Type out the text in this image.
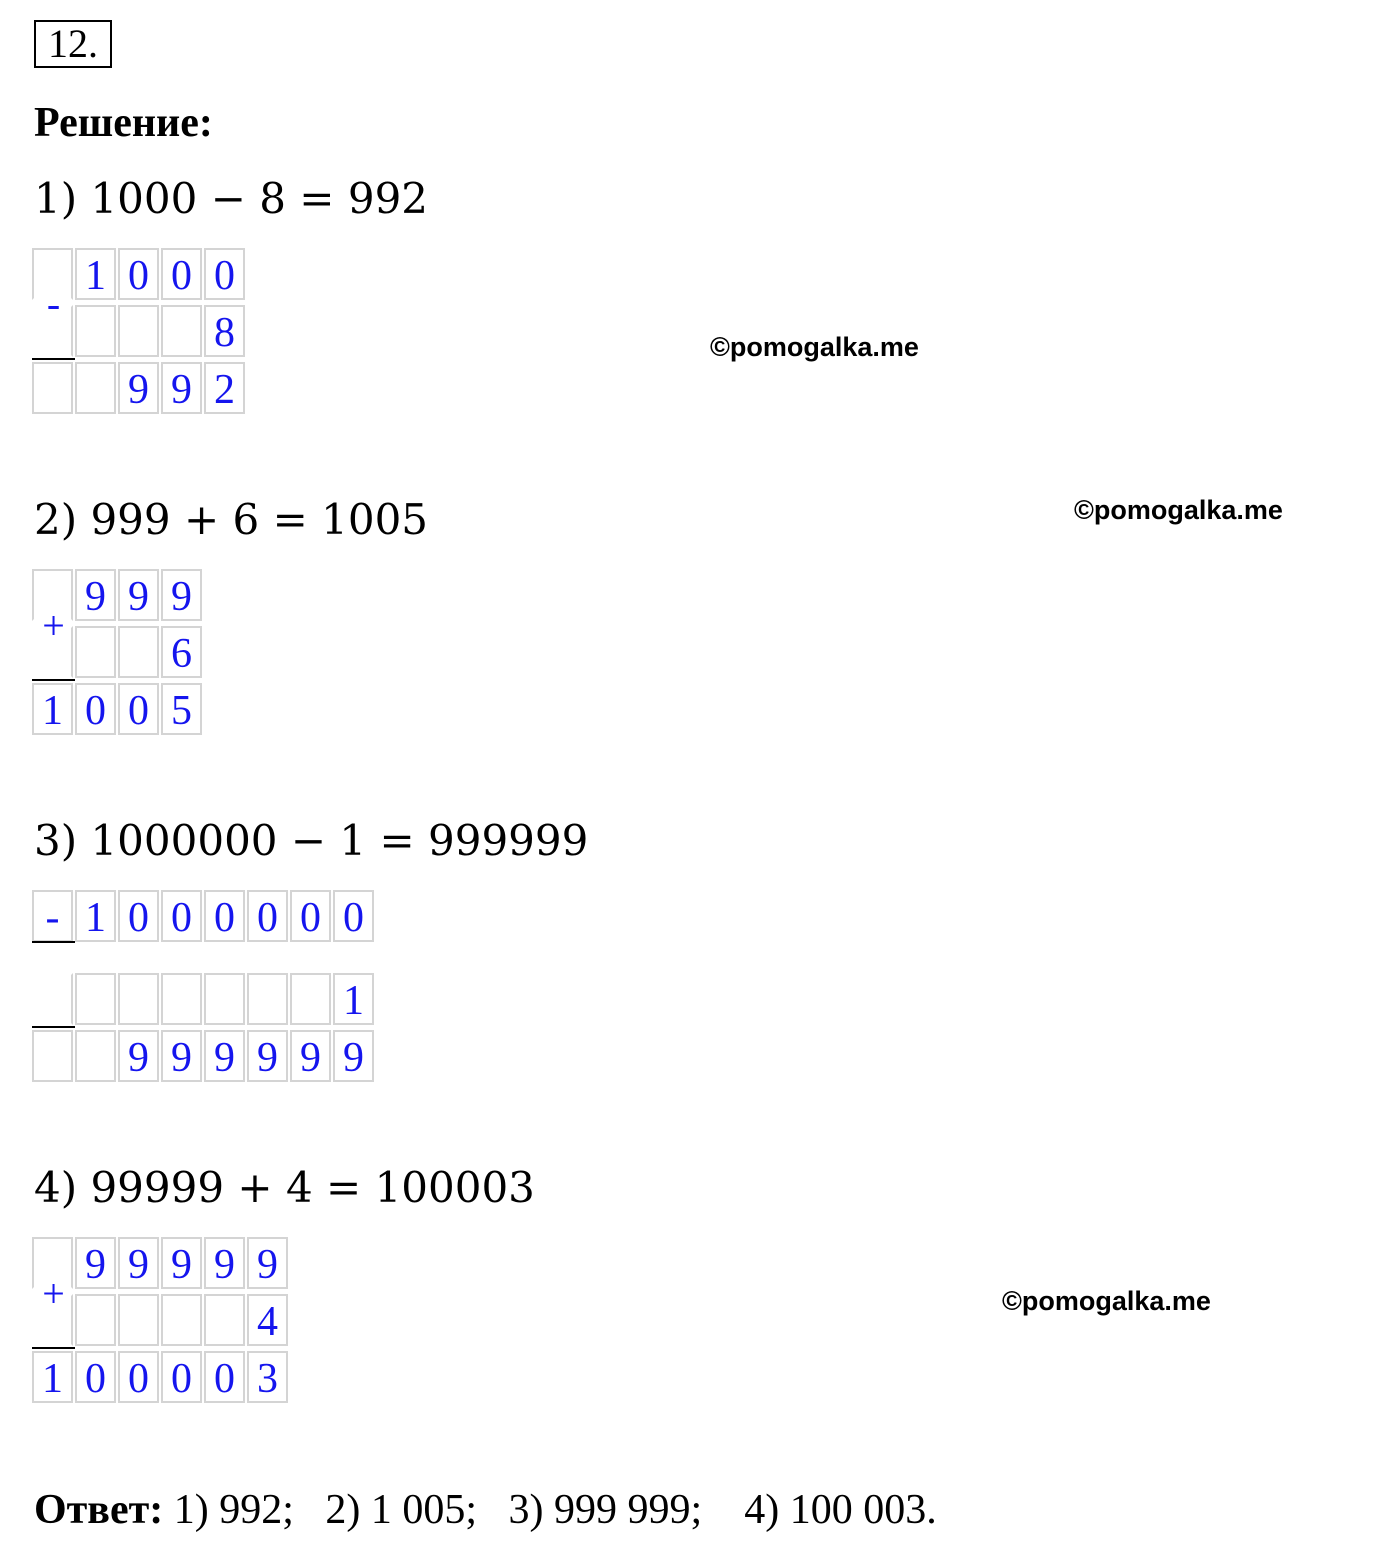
12.
Решение:
1) 1000 − 8 = 992
2) 999 + 6 = 1005
3) 1000000 − 1 = 999999
4) 99999 + 4 = 100003
1 0 0 0
8
9 9 2
-
9 9 9
6
1 0 0 5
+
- 1 0 0 0 0 0 0
1
9 9 9 9 9 9
9 9 9 9 9
4
1 0 0 0 0 3
+
©pomogalka.me
©pomogalka.me
©pomogalka.me
Ответ: 1) 992;   2) 1 005;   3) 999 999;    4) 100 003.
